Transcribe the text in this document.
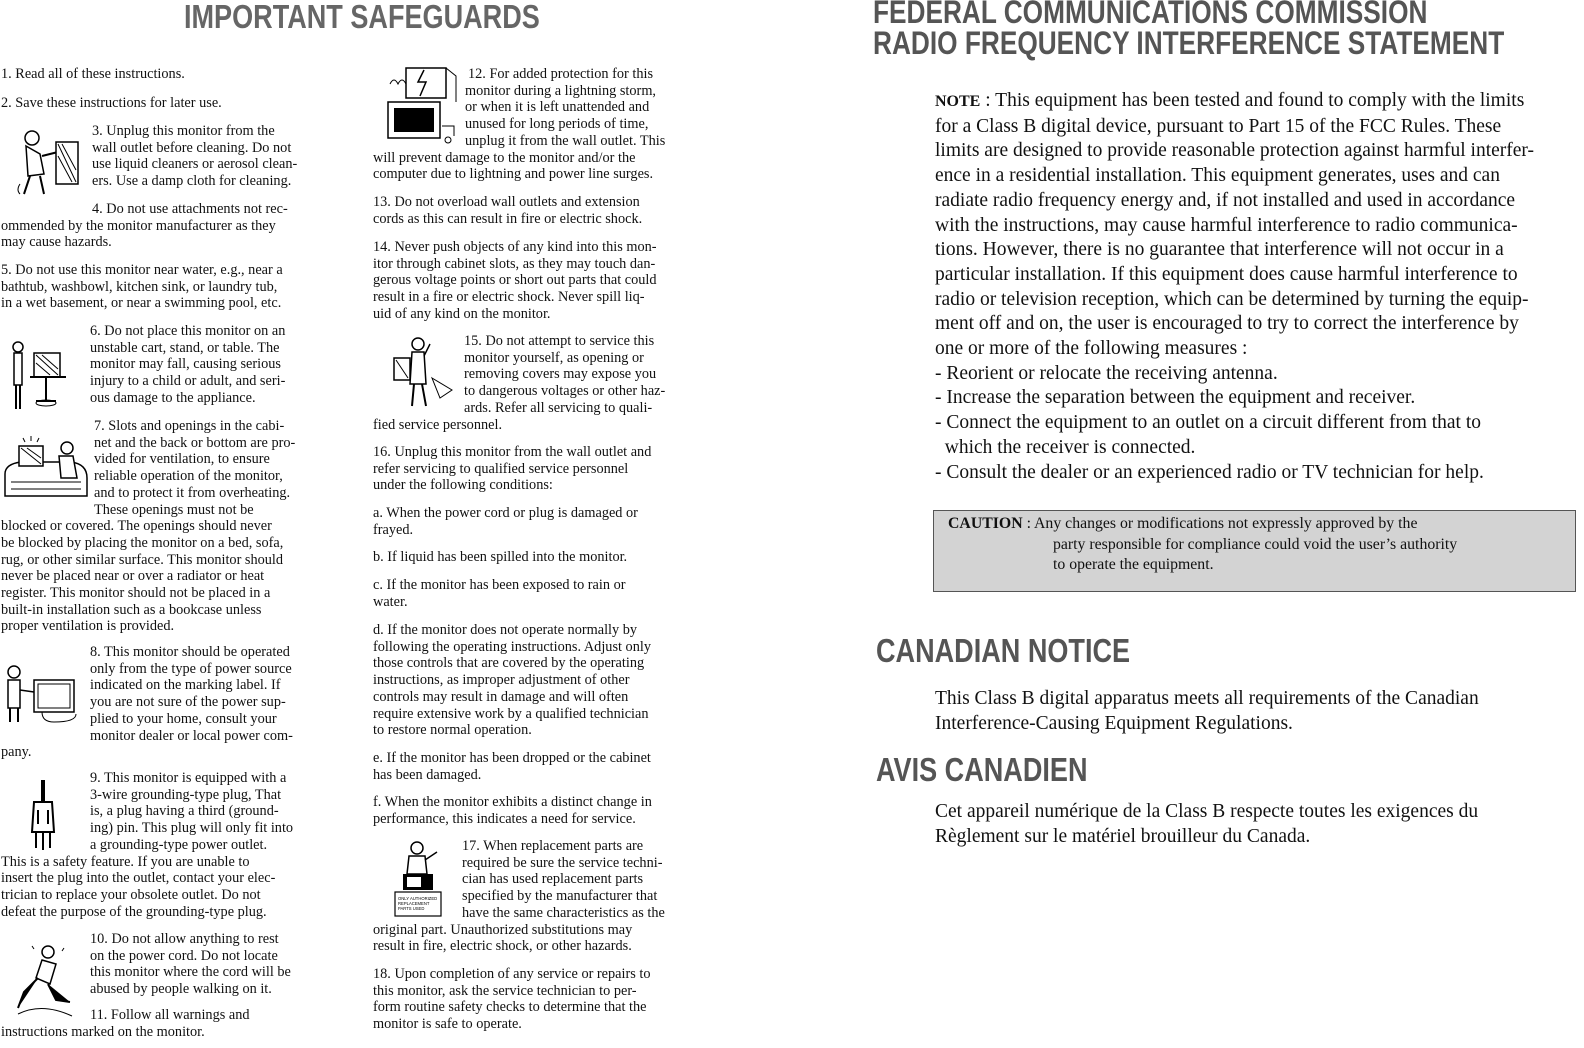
IMPORTANT SAFEGUARDS
1. Read all of these instructions.
2. Save these instructions for later use.
3. Unplug this monitor from the
wall outlet before cleaning. Do not
use liquid cleaners or aerosol clean-
ers. Use a damp cloth for cleaning.
4. Do not use attachments not rec-
ommended by the monitor manufacturer as they
may cause hazards.
5. Do not use this monitor near water, e.g., near a
bathtub, washbowl, kitchen sink, or laundry tub,
in a wet basement, or near a swimming pool, etc.
6. Do not place this monitor on an
unstable cart, stand, or table. The
monitor may fall, causing serious
injury to a child or adult, and seri-
ous damage to the appliance.
7. Slots and openings in the cabi-
net and the back or bottom are pro-
vided for ventilation, to ensure
reliable operation of the monitor,
and to protect it from overheating.
These openings must not be
blocked or covered. The openings should never
be blocked by placing the monitor on a bed, sofa,
rug, or other similar surface. This monitor should
never be placed near or over a radiator or heat
register. This monitor should not be placed in a
built-in installation such as a bookcase unless
proper ventilation is provided.
8. This monitor should be operated
only from the type of power source
indicated on the marking label. If
you are not sure of the power sup-
plied to your home, consult your
monitor dealer or local power com-
pany.
9. This monitor is equipped with a
3-wire grounding-type plug, That
is, a plug having a third (ground-
ing) pin. This plug will only fit into
a grounding-type power outlet.
This is a safety feature. If you are unable to
insert the plug into the outlet, contact your elec-
trician to replace your obsolete outlet. Do not
defeat the purpose of the grounding-type plug.
10. Do not allow anything to rest
on the power cord. Do not locate
this monitor where the cord will be
abused by people walking on it.
11. Follow all warnings and
instructions marked on the monitor.
12. For added protection for this
monitor during a lightning storm,
or when it is left unattended and
unused for long periods of time,
unplug it from the wall outlet. This
will prevent damage to the monitor and/or the
computer due to lightning and power line surges.
13. Do not overload wall outlets and extension
cords as this can result in fire or electric shock.
14. Never push objects of any kind into this mon-
itor through cabinet slots, as they may touch dan-
gerous voltage points or short out parts that could
result in a fire or electric shock. Never spill liq-
uid of any kind on the monitor.
15. Do not attempt to service this
monitor yourself, as opening or
removing covers may expose you
to dangerous voltages or other haz-
ards. Refer all servicing to quali-
fied service personnel.
16. Unplug this monitor from the wall outlet and
refer servicing to qualified service personnel
under the following conditions:
a. When the power cord or plug is damaged or
frayed.
b. If liquid has been spilled into the monitor.
c. If the monitor has been exposed to rain or
water.
d. If the monitor does not operate normally by
following the operating instructions. Adjust only
those controls that are covered by the operating
instructions, as improper adjustment of other
controls may result in damage and will often
require extensive work by a qualified technician
to restore normal operation.
e. If the monitor has been dropped or the cabinet
has been damaged.
f. When the monitor exhibits a distinct change in
performance, this indicates a need for service.
ONLY AUTHORIZED
REPLACEMENT
PARTS USED
17. When replacement parts are
required be sure the service techni-
cian has used replacement parts
specified by the manufacturer that
have the same characteristics as the
original part. Unauthorized substitutions may
result in fire, electric shock, or other hazards.
18. Upon completion of any service or repairs to
this monitor, ask the service technician to per-
form routine safety checks to determine that the
monitor is safe to operate.
FEDERAL COMMUNICATIONS COMMISSION
RADIO FREQUENCY INTERFERENCE STATEMENT
NOTE : This equipment has been tested and found to comply with the limits
for a Class B digital device, pursuant to Part 15 of the FCC Rules. These
limits are designed to provide reasonable protection against harmful interfer-
ence in a residential installation. This equipment generates, uses and can
radiate radio frequency energy and, if not installed and used in accordance
with the instructions, may cause harmful interference to radio communica-
tions. However, there is no guarantee that interference will not occur in a
particular installation. If this equipment does cause harmful interference to
radio or television reception, which can be determined by turning the equip-
ment off and on, the user is encouraged to try to correct the interference by
one or more of the following measures :
- Reorient or relocate the receiving antenna.
- Increase the separation between the equipment and receiver.
- Connect the equipment to an outlet on a circuit different from that to
which the receiver is connected.
- Consult the dealer or an experienced radio or TV technician for help.
CAUTION : Any changes or modifications not expressly approved by the
party responsible for compliance could void the user’s authority
to operate the equipment.
CANADIAN NOTICE
This Class B digital apparatus meets all requirements of the Canadian
Interference-Causing Equipment Regulations.
AVIS CANADIEN
Cet appareil numérique de la Class B respecte toutes les exigences du
Règlement sur le matériel brouilleur du Canada.
